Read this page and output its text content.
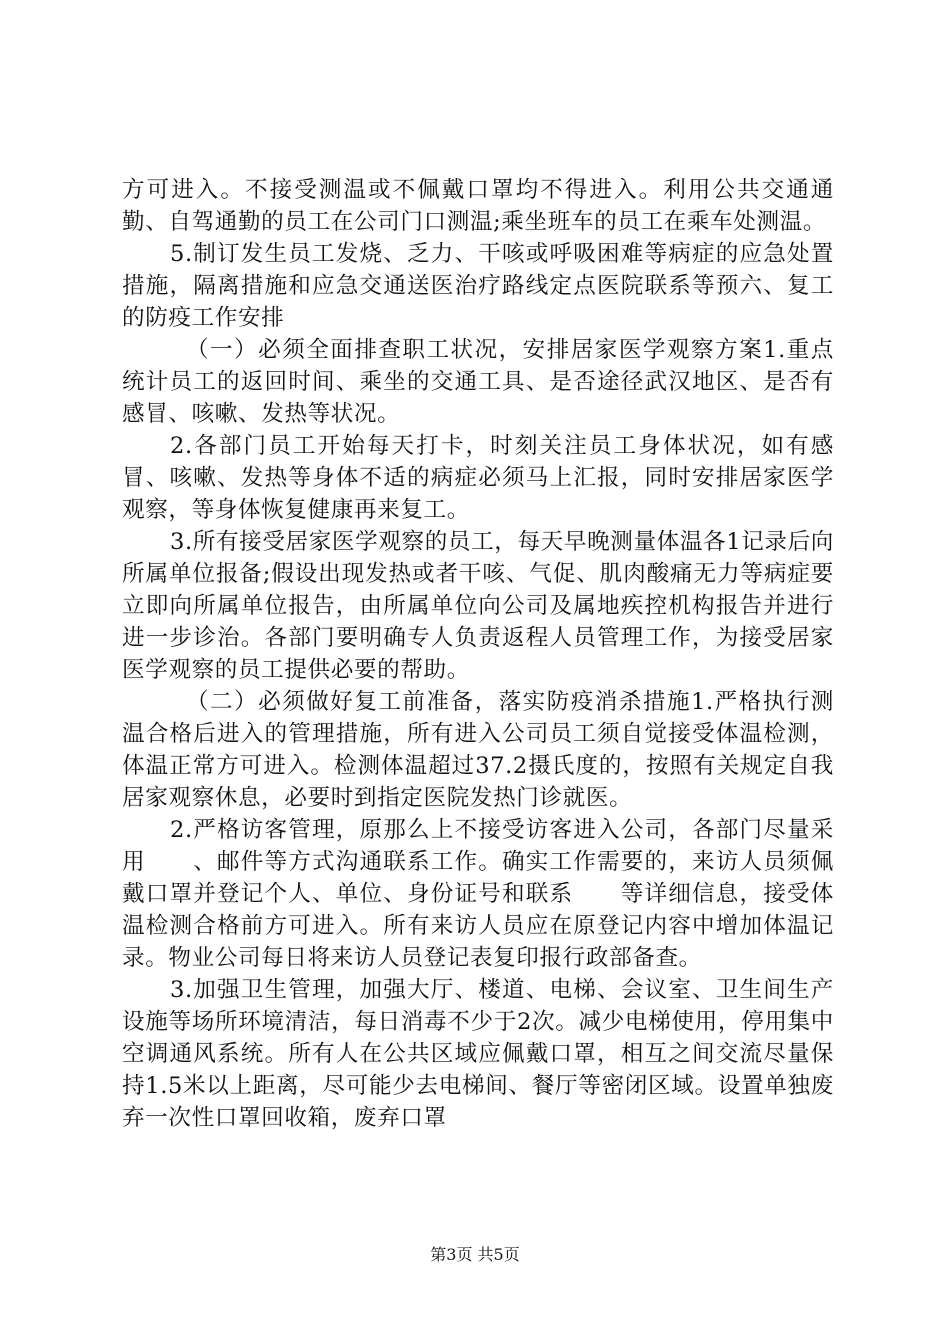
方可进入。不接受测温或不佩戴口罩均不得进入。利用公共交通通勤、自驾通勤的员工在公司门口测温;乘坐班车的员工在乘车处测温。

5.制订发生员工发烧、乏力、干咳或呼吸困难等病症的应急处置措施，隔离措施和应急交通送医治疗路线定点医院联系等预六、复工的防疫工作安排

（一）必须全面排查职工状况，安排居家医学观察方案1.重点统计员工的返回时间、乘坐的交通工具、是否途径武汉地区、是否有感冒、咳嗽、发热等状况。

2.各部门员工开始每天打卡，时刻关注员工身体状况，如有感冒、咳嗽、发热等身体不适的病症必须马上汇报，同时安排居家医学观察，等身体恢复健康再来复工。

3.所有接受居家医学观察的员工，每天早晚测量体温各1记录后向所属单位报备;假设出现发热或者干咳、气促、肌肉酸痛无力等病症要立即向所属单位报告，由所属单位向公司及属地疾控机构报告并进行进一步诊治。各部门要明确专人负责返程人员管理工作，为接受居家医学观察的员工提供必要的帮助。

（二）必须做好复工前准备，落实防疫消杀措施1.严格执行测温合格后进入的管理措施，所有进入公司员工须自觉接受体温检测，体温正常方可进入。检测体温超过37.2摄氏度的，按照有关规定自我居家观察休息，必要时到指定医院发热门诊就医。

2.严格访客管理，原那么上不接受访客进入公司，各部门尽量采用　　、邮件等方式沟通联系工作。确实工作需要的，来访人员须佩戴口罩并登记个人、单位、身份证号和联系　　等详细信息，接受体温检测合格前方可进入。所有来访人员应在原登记内容中增加体温记录。物业公司每日将来访人员登记表复印报行政部备查。

3.加强卫生管理，加强大厅、楼道、电梯、会议室、卫生间生产设施等场所环境清洁，每日消毒不少于2次。减少电梯使用，停用集中空调通风系统。所有人在公共区域应佩戴口罩，相互之间交流尽量保持1.5米以上距离，尽可能少去电梯间、餐厅等密闭区域。设置单独废弃一次性口罩回收箱，废弃口罩

第3页 共5页
